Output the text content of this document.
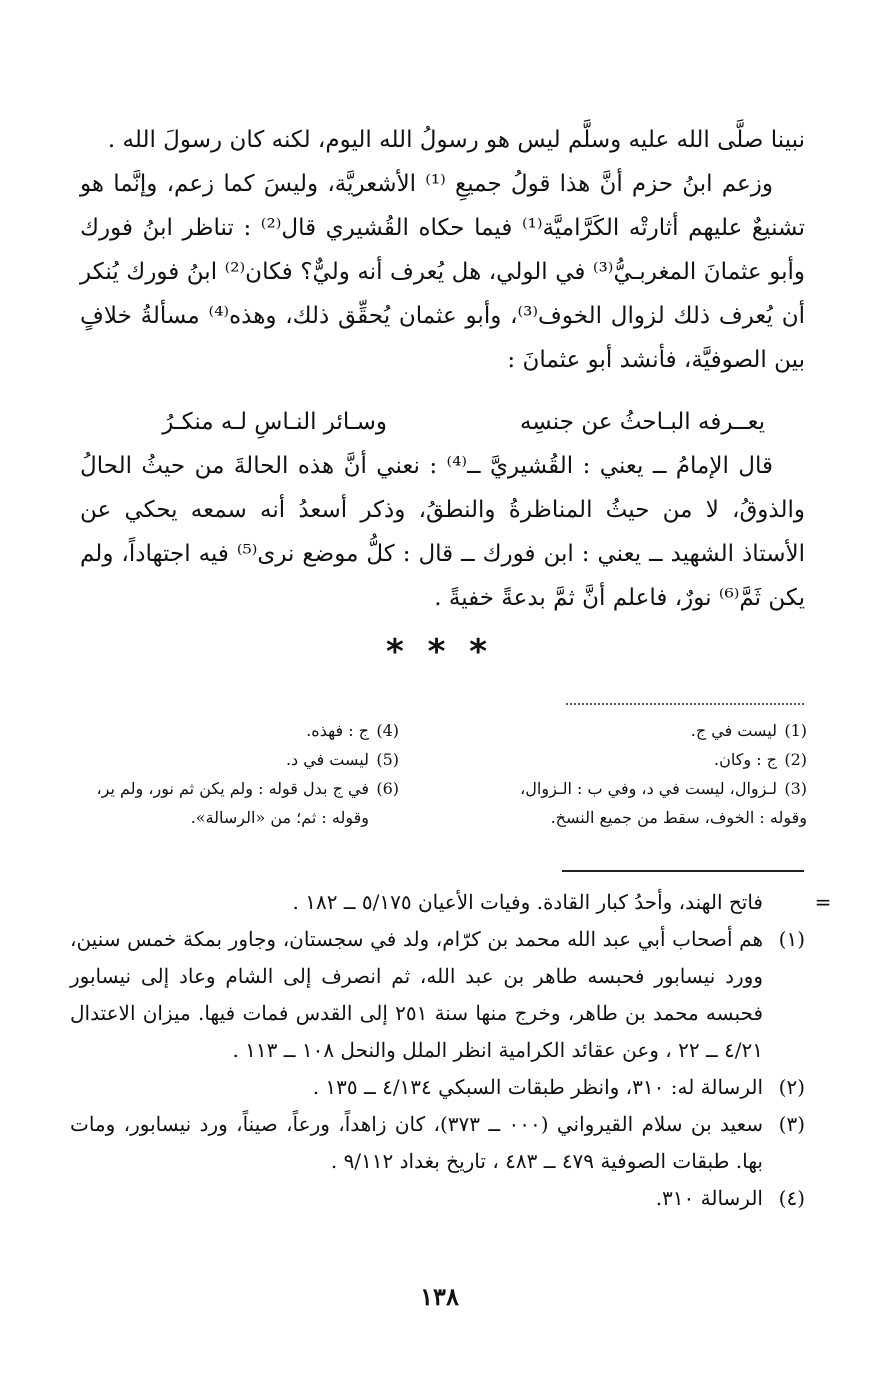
نبينا صلَّى الله عليه وسلَّم ليس هو رسولُ الله اليوم، لكنه كان رسولَ الله .

وزعم ابنُ حزم أنَّ هذا قولُ جميعِ ⁽¹⁾ الأشعريَّة، وليسَ كما زعم، وإنَّما هو تشنيعٌ عليهم أثارتْه الكَرَّاميَّة⁽¹⁾ فيما حكاه القُشيري قال⁽²⁾ : تناظر ابنُ فورك وأبو عثمانَ المغربـيُّ⁽³⁾ في الولي، هل يُعرف أنه وليٌّ؟ فكان⁽²⁾ ابنُ فورك يُنكر أن يُعرف ذلك لزوال الخوف⁽³⁾، وأبو عثمان يُحقِّق ذلك، وهذه⁽⁴⁾ مسألةُ خلافٍ بين الصوفيَّة، فأنشد أبو عثمانَ :

يعــرفه البـاحثُ عن جنسِه
وسـائر النـاسِ لـه منكـرُ

قال الإمامُ ــ يعني : القُشيريَّ ــ⁽⁴⁾ : نعني أنَّ هذه الحالةَ من حيثُ الحالُ والذوقُ، لا من حيثُ المناظرةُ والنطقُ، وذكر أسعدُ أنه سمعه يحكي عن الأستاذ الشهيد ــ يعني : ابن فورك ــ قال : كلُّ موضع نرى⁽⁵⁾ فيه اجتهاداً، ولم يكن ثَمَّ⁽⁶⁾ نورٌ، فاعلم أنَّ ثمَّ بدعةً خفيةً .

* * *
(1)ليست في ج.
(2)ج : وكان.
(3)لـزوال، ليست في د، وفي ب : الـزوال،
وقوله : الخوف، سقط من جميع النسخ.
(4)ج : فهذه.
(5)ليست في د.
(6)في ج بدل قوله : ولم يكن ثم نور، ولم ير،
وقوله : ثم؛ من «الرسالة».
=
فاتح الهند، وأحدُ كبار القادة. وفيات الأعيان ٥/١٧٥ ــ ١٨٢ .
(١)
هم أصحاب أبي عبد الله محمد بن كرّام، ولد في سجستان، وجاور بمكة خمس سنين، وورد نيسابور فحبسه طاهر بن عبد الله، ثم انصرف إلى الشام وعاد إلى نيسابور فحبسه محمد بن طاهر، وخرج منها سنة ٢٥١ إلى القدس فمات فيها. ميزان الاعتدال ٤/٢١ ــ ٢٢ ، وعن عقائد الكرامية انظر الملل والنحل ١٠٨ ــ ١١٣ .
(٢)
الرسالة له: ٣١٠، وانظر طبقات السبكي ٤/١٣٤ ــ ١٣٥ .
(٣)
سعيد بن سلام القيرواني (٠٠٠ ــ ٣٧٣)، كان زاهداً، ورعاً، صيناً، ورد نيسابور، ومات بها. طبقات الصوفية ٤٧٩ ــ ٤٨٣ ، تاريخ بغداد ٩/١١٢ .
(٤)
الرسالة ٣١٠.
١٣٨
